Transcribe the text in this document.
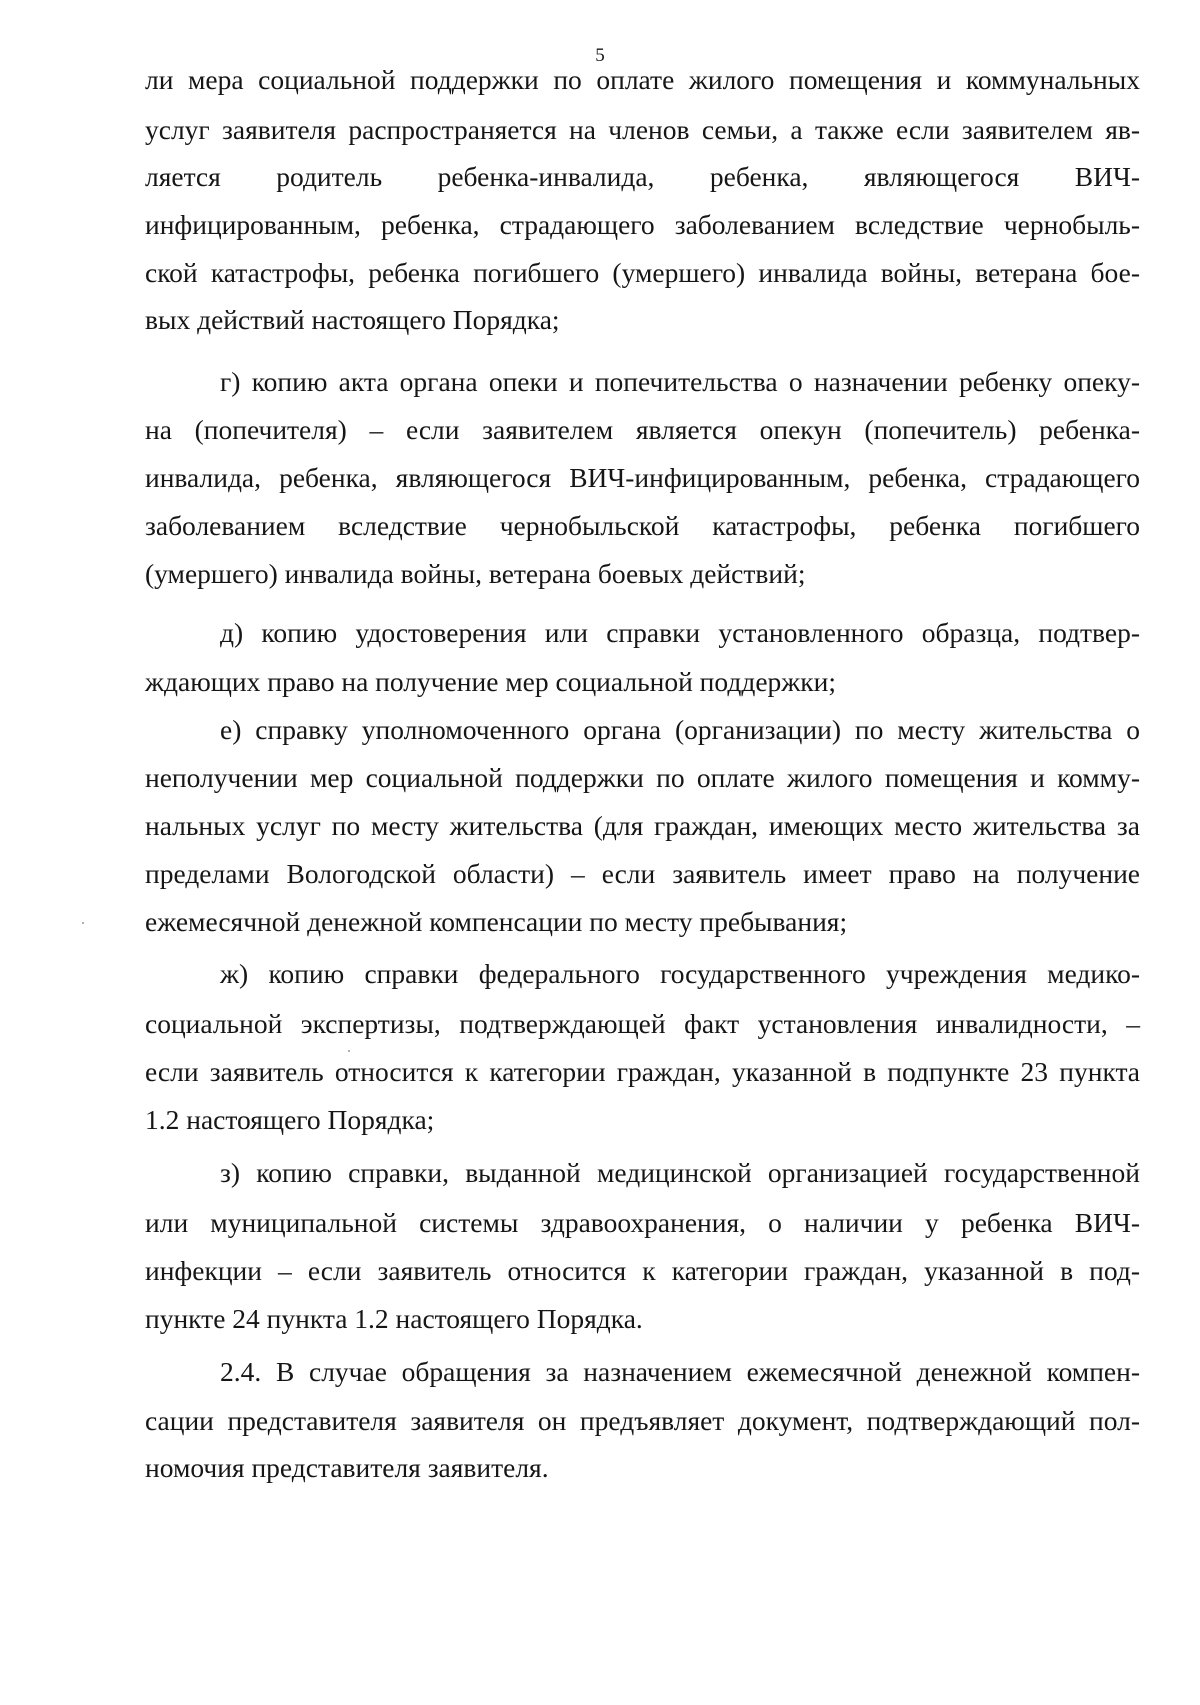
5
ли мера социальной поддержки по оплате жилого помещения и коммунальных
услуг заявителя распространяется на членов семьи, а также если заявителем яв-
ляется родитель ребенка-инвалида, ребенка, являющегося ВИЧ-
инфицированным, ребенка, страдающего заболеванием вследствие чернобыль-
ской катастрофы, ребенка погибшего (умершего) инвалида войны, ветерана бое-
вых действий настоящего Порядка;
г) копию акта органа опеки и попечительства о назначении ребенку опеку-
на (попечителя) – если заявителем является опекун (попечитель) ребенка-
инвалида, ребенка, являющегося ВИЧ-инфицированным, ребенка, страдающего
заболеванием вследствие чернобыльской катастрофы, ребенка погибшего
(умершего) инвалида войны, ветерана боевых действий;
д) копию удостоверения или справки установленного образца, подтвер-
ждающих право на получение мер социальной поддержки;
е) справку уполномоченного органа (организации) по месту жительства о
неполучении мер социальной поддержки по оплате жилого помещения и комму-
нальных услуг по месту жительства (для граждан, имеющих место жительства за
пределами Вологодской области) – если заявитель имеет право на получение
ежемесячной денежной компенсации по месту пребывания;
ж) копию справки федерального государственного учреждения медико-
социальной экспертизы, подтверждающей факт установления инвалидности, –
если заявитель относится к категории граждан, указанной в подпункте 23 пункта
1.2 настоящего Порядка;
з) копию справки, выданной медицинской организацией государственной
или муниципальной системы здравоохранения, о наличии у ребенка ВИЧ-
инфекции – если заявитель относится к категории граждан, указанной в под-
пункте 24 пункта 1.2 настоящего Порядка.
2.4. В случае обращения за назначением ежемесячной денежной компен-
сации представителя заявителя он предъявляет документ, подтверждающий пол-
номочия представителя заявителя.
